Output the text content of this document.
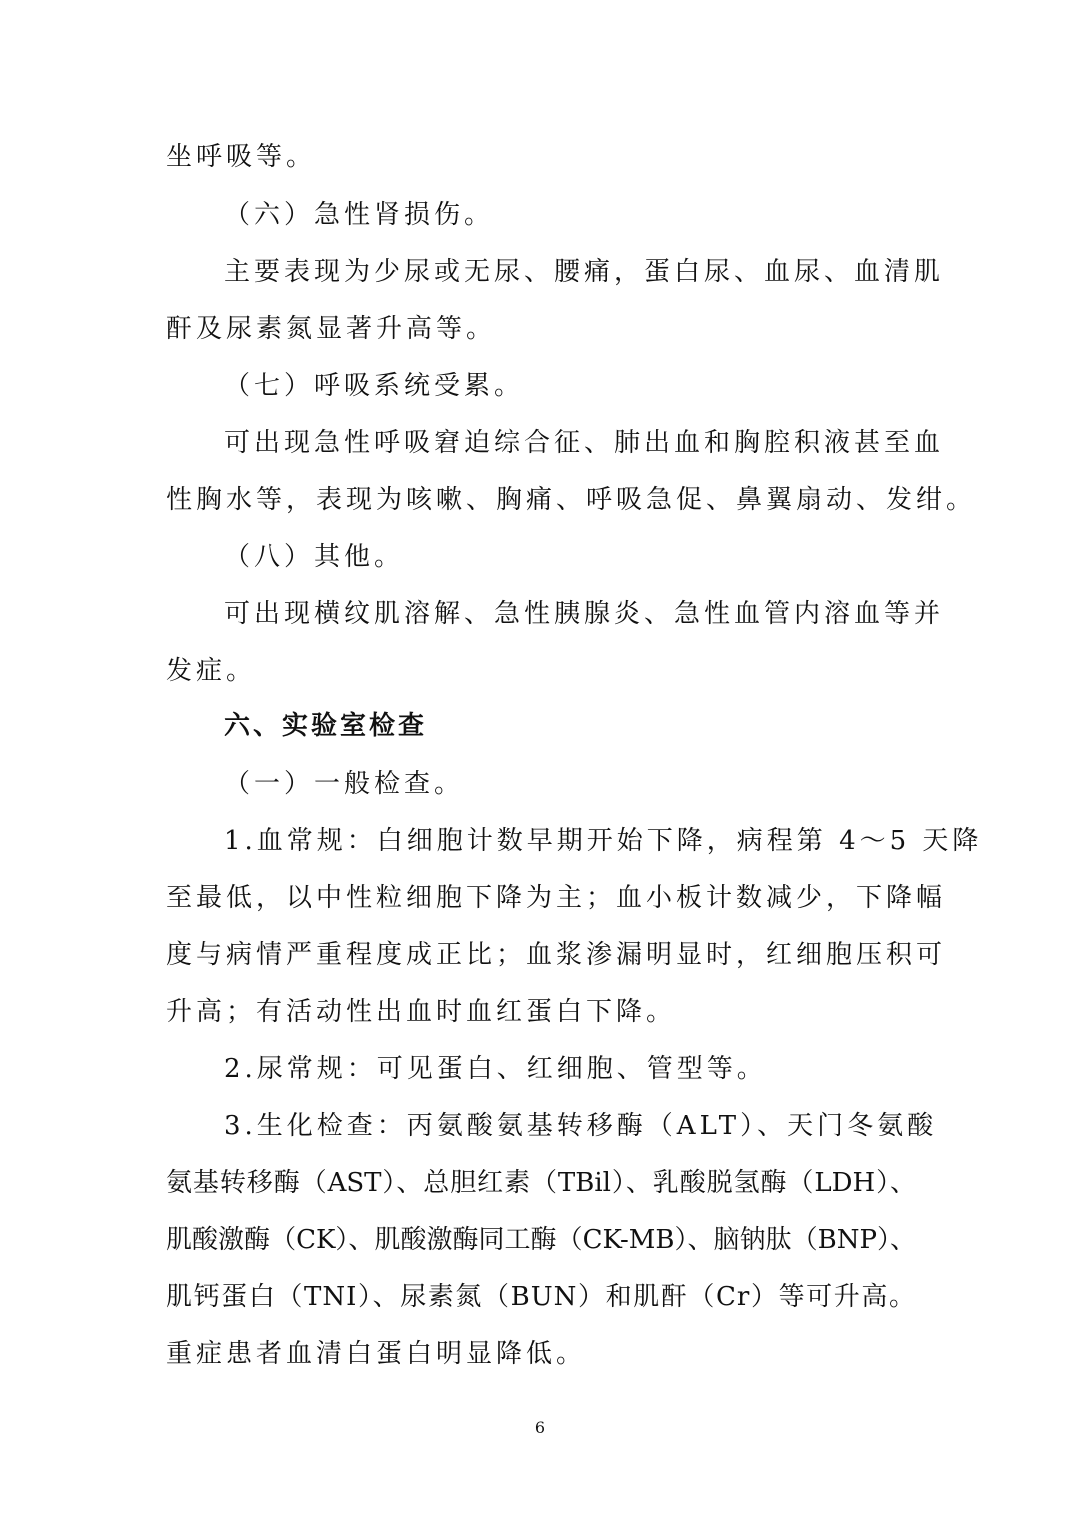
坐呼吸等。
（六）急性肾损伤。
主要表现为少尿或无尿、腰痛，蛋白尿、血尿、血清肌
酐及尿素氮显著升高等。
（七）呼吸系统受累。
可出现急性呼吸窘迫综合征、肺出血和胸腔积液甚至血
性胸水等，表现为咳嗽、胸痛、呼吸急促、鼻翼扇动、发绀。
（八）其他。
可出现横纹肌溶解、急性胰腺炎、急性血管内溶血等并
发症。
六、实验室检查
（一）一般检查。
1.血常规：白细胞计数早期开始下降，病程第 4～5 天降
至最低，以中性粒细胞下降为主；血小板计数减少，下降幅
度与病情严重程度成正比；血浆渗漏明显时，红细胞压积可
升高；有活动性出血时血红蛋白下降。
2.尿常规：可见蛋白、红细胞、管型等。
3.生化检查：丙氨酸氨基转移酶（ALT）、天门冬氨酸
氨基转移酶（AST）、总胆红素（TBil）、乳酸脱氢酶（LDH）、
肌酸激酶（CK）、肌酸激酶同工酶（CK-MB）、脑钠肽（BNP）、
肌钙蛋白（TNI）、尿素氮（BUN）和肌酐（Cr）等可升高。
重症患者血清白蛋白明显降低。
6
